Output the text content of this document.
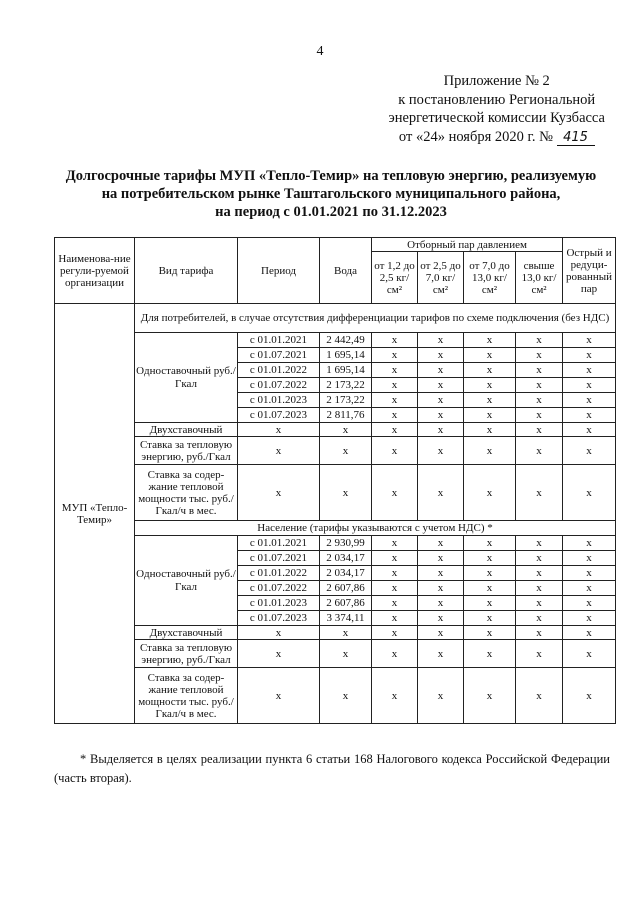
4
Приложение № 2
к постановлению Региональной
энергетической комиссии Кузбасса
от «24» ноября 2020 г. № 415
Долгосрочные тарифы МУП «Тепло-Темир» на тепловую энергию, реализуемую
на потребительском рынке Таштагольского муниципального района,
на период с 01.01.2021 по 31.12.2023
Наименова-ние регули-руемой организации	Вид тарифа	Период	Вода	Отборный пар давлением				Острый и редуци-рованный пар
				от 1,2 до 2,5 кг/см²	от 2,5 до 7,0 кг/см²	от 7,0 до 13,0 кг/см²	свыше 13,0 кг/см²	
МУП «Тепло-Темир»	Для потребителей, в случае отсутствия дифференциации тарифов по схеме подключения (без НДС)							
	Одноставочный руб./Гкал	с 01.01.2021	2 442,49	x	x	x	x	x
		с 01.07.2021	1 695,14	x	x	x	x	x
		с 01.01.2022	1 695,14	x	x	x	x	x
		с 01.07.2022	2 173,22	x	x	x	x	x
		с 01.01.2023	2 173,22	x	x	x	x	x
		с 01.07.2023	2 811,76	x	x	x	x	x
	Двухставочный	x	x	x	x	x	x	x
	Ставка за тепловую энергию, руб./Гкал	x	x	x	x	x	x	x
	Ставка за содер-жание тепловой мощности тыс. руб./Гкал/ч в мес.	x	x	x	x	x	x	x
	Население (тарифы указываются с учетом НДС) *							
	Одноставочный руб./Гкал	с 01.01.2021	2 930,99	x	x	x	x	x
		с 01.07.2021	2 034,17	x	x	x	x	x
		с 01.01.2022	2 034,17	x	x	x	x	x
		с 01.07.2022	2 607,86	x	x	x	x	x
		с 01.01.2023	2 607,86	x	x	x	x	x
		с 01.07.2023	3 374,11	x	x	x	x	x
	Двухставочный	x	x	x	x	x	x	x
	Ставка за тепловую энергию, руб./Гкал	x	x	x	x	x	x	x
	Ставка за содер-жание тепловой мощности тыс. руб./Гкал/ч в мес.	x	x	x	x	x	x	x
* Выделяется в целях реализации пункта 6 статьи 168 Налогового кодекса Российской Федерации (часть вторая).
